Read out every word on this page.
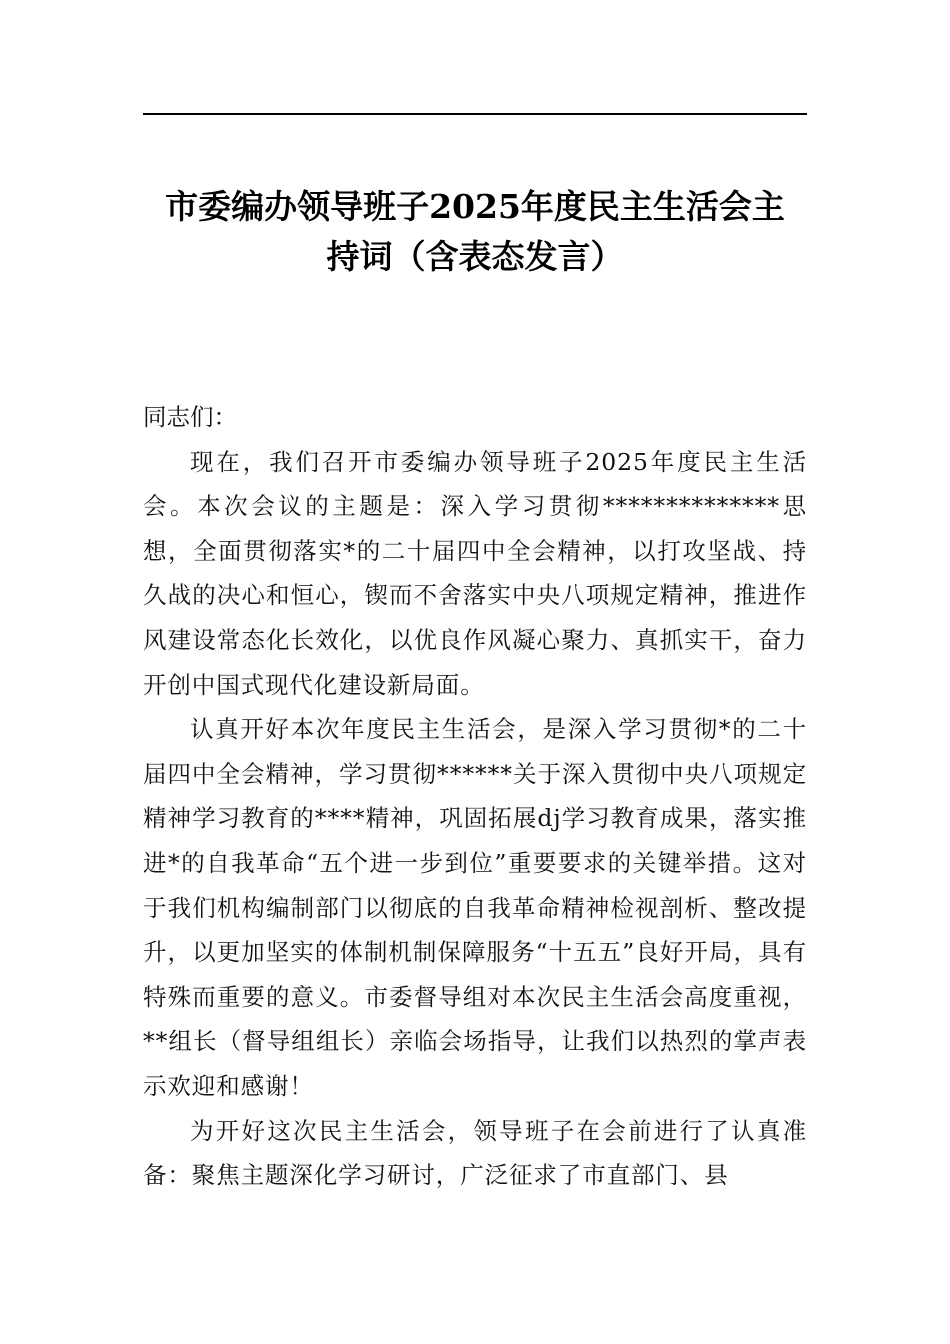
市委编办领导班子2025年度民主生活会主
持词（含表态发言）

同志们：

现在，我们召开市委编办领导班子2025年度民主生活会。本次会议的主题是：深入学习贯彻**************思想，全面贯彻落实*的二十届四中全会精神，以打攻坚战、持久战的决心和恒心，锲而不舍落实中央八项规定精神，推进作风建设常态化长效化，以优良作风凝心聚力、真抓实干，奋力开创中国式现代化建设新局面。

认真开好本次年度民主生活会，是深入学习贯彻*的二十届四中全会精神，学习贯彻******关于深入贯彻中央八项规定精神学习教育的****精神，巩固拓展dj学习教育成果，落实推进*的自我革命“五个进一步到位”重要要求的关键举措。这对于我们机构编制部门以彻底的自我革命精神检视剖析、整改提升，以更加坚实的体制机制保障服务“十五五”良好开局，具有特殊而重要的意义。市委督导组对本次民主生活会高度重视，**组长（督导组组长）亲临会场指导，让我们以热烈的掌声表示欢迎和感谢！

为开好这次民主生活会，领导班子在会前进行了认真准备：聚焦主题深化学习研讨，广泛征求了市直部门、县
